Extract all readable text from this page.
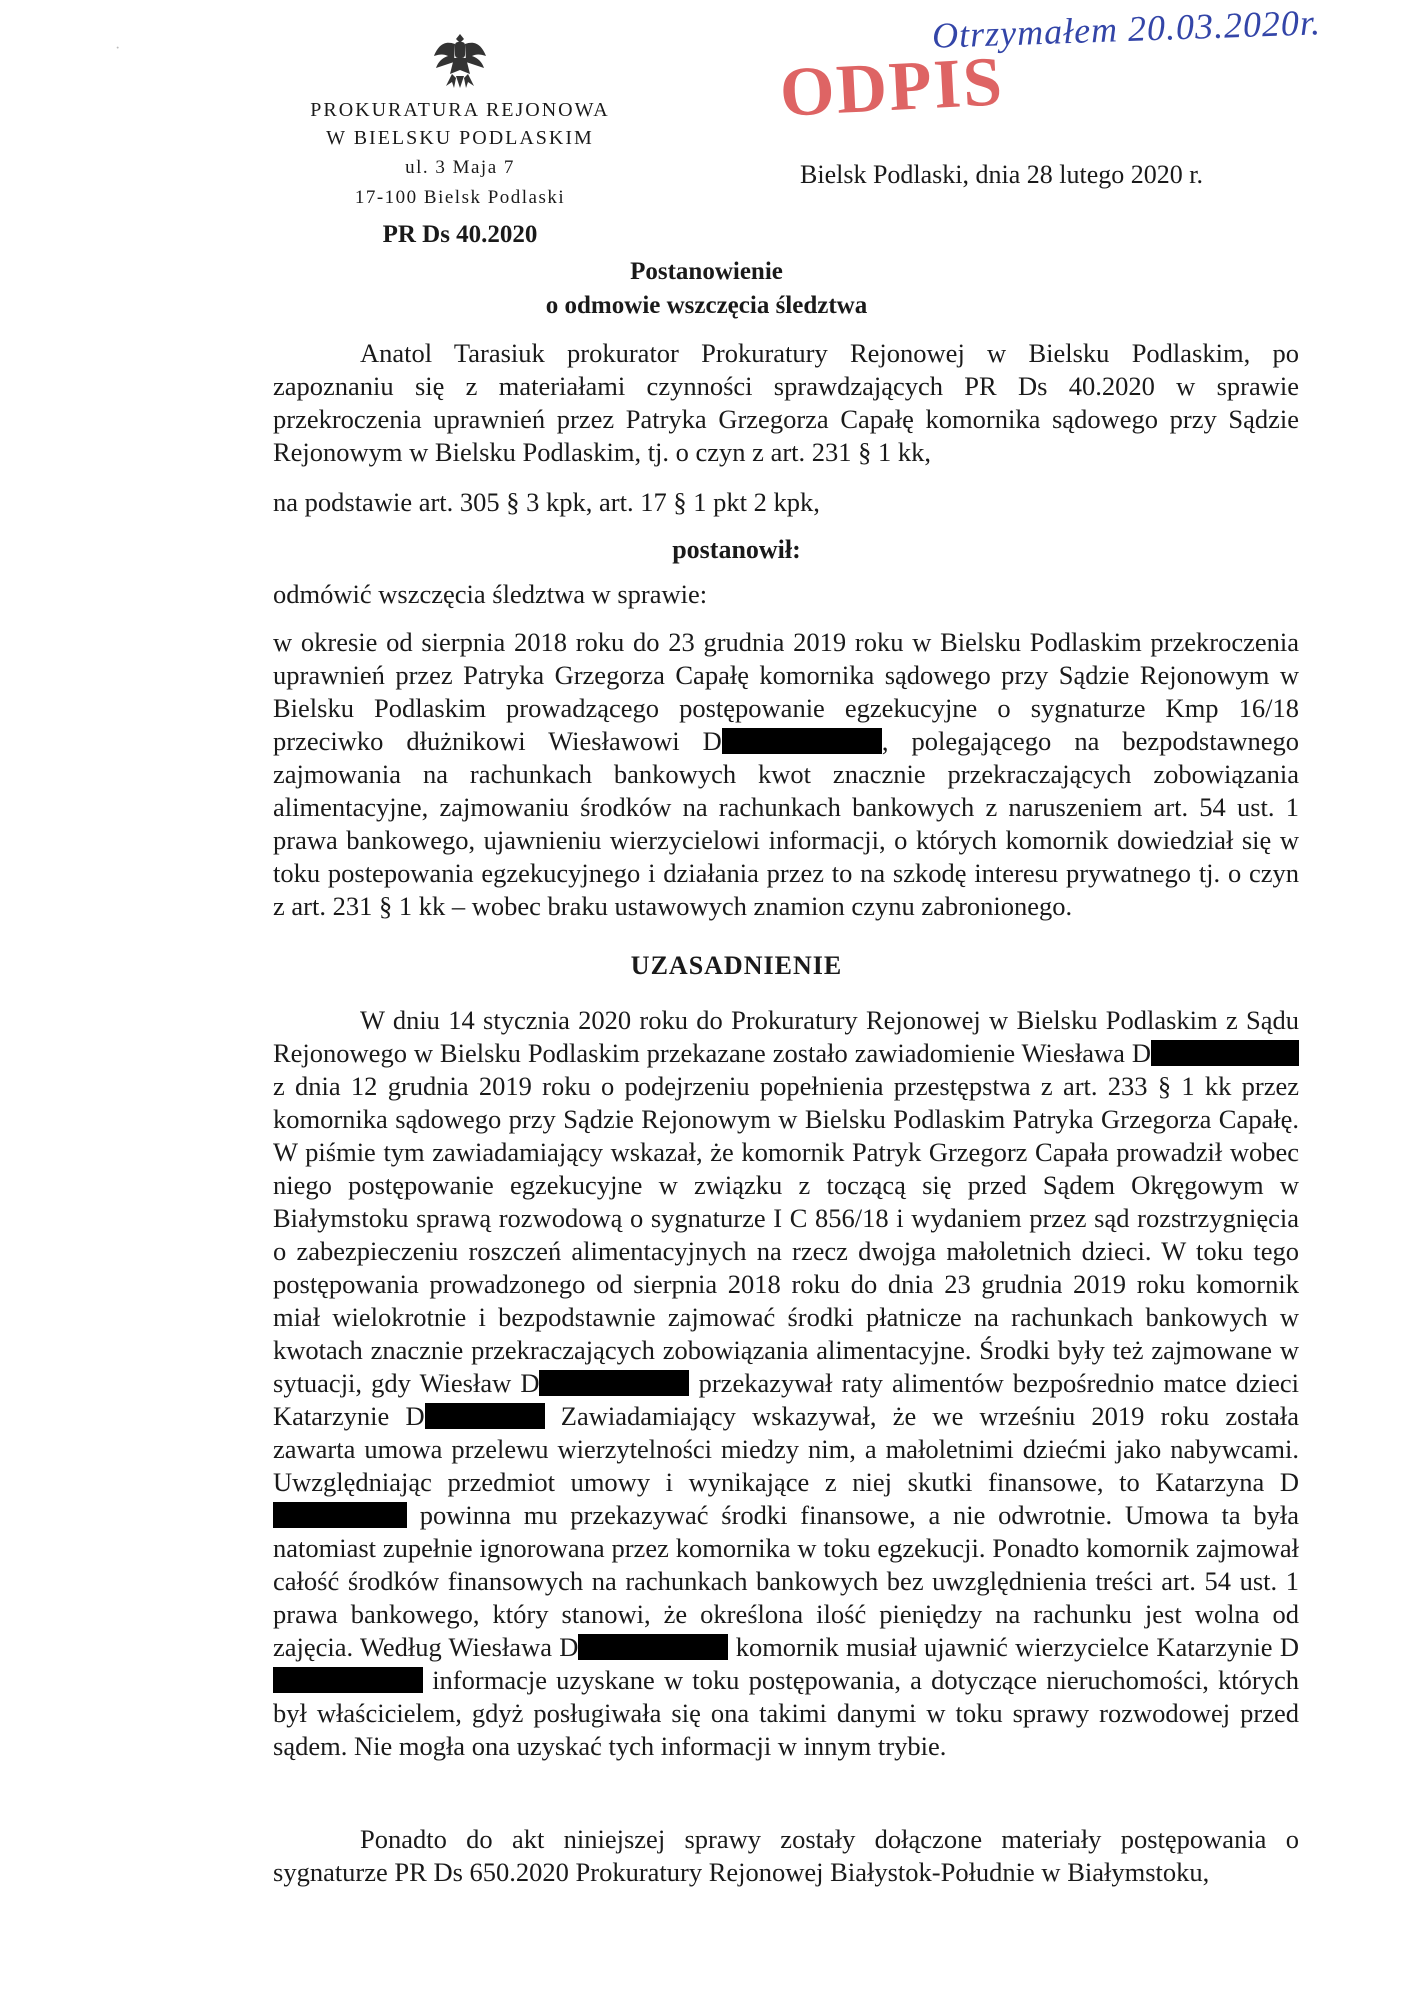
·
PROKURATURA REJONOWA
W BIELSKU PODLASKIM
ul. 3 Maja 7
17-100 Bielsk Podlaski
PR Ds 40.2020
Otrzymałem 20.03.2020r.
ODPIS
Bielsk Podlaski, dnia 28 lutego 2020 r.
Postanowienie
o odmowie wszczęcia śledztwa
Anatol Tarasiuk prokurator Prokuratury Rejonowej w Bielsku Podlaskim, po zapoznaniu się z materiałami czynności sprawdzających PR Ds 40.2020 w sprawie przekroczenia uprawnień przez Patryka Grzegorza Capałę komornika sądowego przy Sądzie Rejonowym w Bielsku Podlaskim, tj. o czyn z art. 231 § 1 kk,
na podstawie art. 305 § 3 kpk, art. 17 § 1 pkt 2 kpk,
postanowił:
odmówić wszczęcia śledztwa w sprawie:
w okresie od sierpnia 2018 roku do 23 grudnia 2019 roku w Bielsku Podlaskim przekroczenia uprawnień przez Patryka Grzegorza Capałę komornika sądowego przy Sądzie Rejonowym w Bielsku Podlaskim prowadzącego postępowanie egzekucyjne o sygnaturze Kmp 16/18 przeciwko dłużnikowi Wiesławowi D	, polegającego na bezpodstawnego zajmowania na rachunkach bankowych kwot znacznie przekraczających zobowiązania alimentacyjne, zajmowaniu środków na rachunkach bankowych z naruszeniem art. 54 ust. 1 prawa bankowego, ujawnieniu wierzycielowi informacji, o których komornik dowiedział się w toku postepowania egzekucyjnego i działania przez to na szkodę interesu prywatnego tj. o czyn z art. 231 § 1 kk – wobec braku ustawowych znamion czynu zabronionego.
UZASADNIENIE
W dniu 14 stycznia 2020 roku do Prokuratury Rejonowej w Bielsku Podlaskim z Sądu Rejonowego w Bielsku Podlaskim przekazane zostało zawiadomienie Wiesława D z dnia 12 grudnia 2019 roku o podejrzeniu popełnienia przestępstwa z art. 233 § 1 kk przez komornika sądowego przy Sądzie Rejonowym w Bielsku Podlaskim Patryka Grzegorza Capałę. W piśmie tym zawiadamiający wskazał, że komornik Patryk Grzegorz Capała prowadził wobec niego postępowanie egzekucyjne w związku z toczącą się przed Sądem Okręgowym w Białymstoku sprawą rozwodową o sygnaturze I C 856/18 i wydaniem przez sąd rozstrzygnięcia o zabezpieczeniu roszczeń alimentacyjnych na rzecz dwojga małoletnich dzieci. W toku tego postępowania prowadzonego od sierpnia 2018 roku do dnia 23 grudnia 2019 roku komornik miał wielokrotnie i bezpodstawnie zajmować środki płatnicze na rachunkach bankowych w kwotach znacznie przekraczających zobowiązania alimentacyjne. Środki były też zajmowane w sytuacji, gdy Wiesław D	przekazywał raty alimentów bezpośrednio matce dzieci Katarzynie D	Zawiadamiający wskazywał, że we wrześniu 2019 roku została zawarta umowa przelewu wierzytelności miedzy nim, a małoletnimi dziećmi jako nabywcami. Uwzględniając przedmiot umowy i wynikające z niej skutki finansowe, to Katarzyna D powinna mu przekazywać środki finansowe, a nie odwrotnie. Umowa ta była natomiast zupełnie ignorowana przez komornika w toku egzekucji. Ponadto komornik zajmował całość środków finansowych na rachunkach bankowych bez uwzględnienia treści art. 54 ust. 1 prawa bankowego, który stanowi, że określona ilość pieniędzy na rachunku jest wolna od zajęcia. Według Wiesława D	komornik musiał ujawnić wierzycielce Katarzynie D informacje uzyskane w toku postępowania, a dotyczące nieruchomości, których był właścicielem, gdyż posługiwała się ona takimi danymi w toku sprawy rozwodowej przed sądem. Nie mogła ona uzyskać tych informacji w innym trybie.
Ponadto do akt niniejszej sprawy zostały dołączone materiały postępowania o sygnaturze PR Ds 650.2020 Prokuratury Rejonowej Białystok-Południe w Białymstoku,
